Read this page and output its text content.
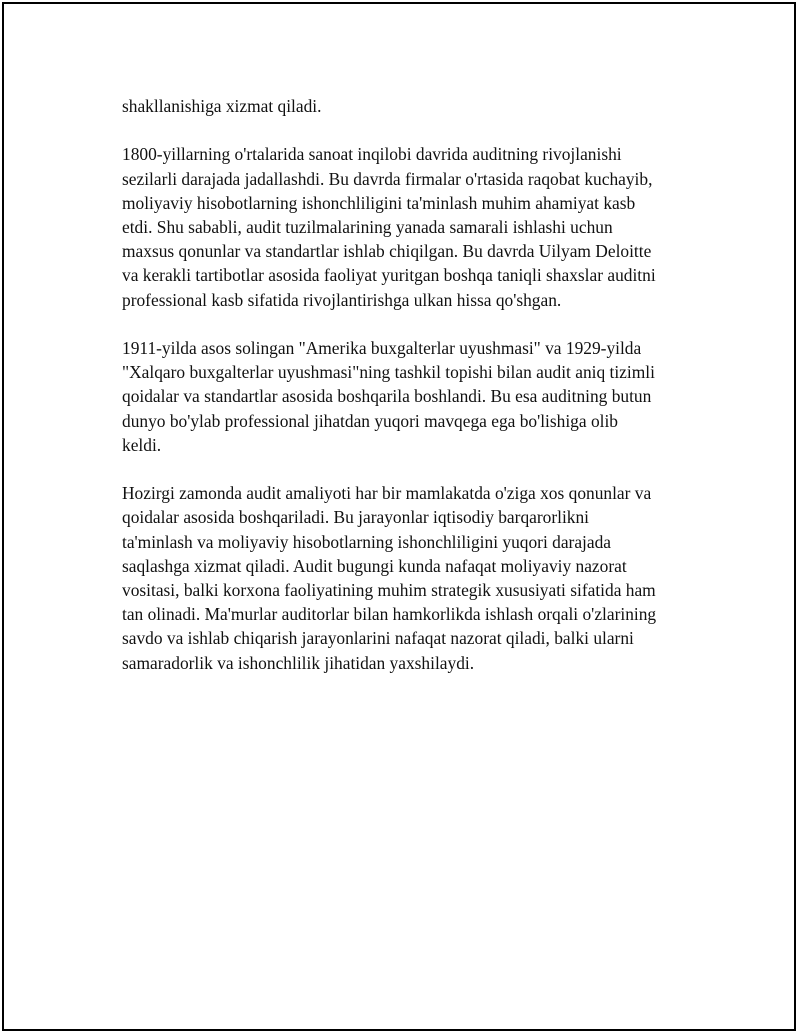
shakllanishiga xizmat qiladi.

1800-yillarning o'rtalarida sanoat inqilobi davrida auditning rivojlanishi
sezilarli darajada jadallashdi. Bu davrda firmalar o'rtasida raqobat kuchayib,
moliyaviy hisobotlarning ishonchliligini ta'minlash muhim ahamiyat kasb
etdi. Shu sababli, audit tuzilmalarining yanada samarali ishlashi uchun
maxsus qonunlar va standartlar ishlab chiqilgan. Bu davrda Uilyam Deloitte
va kerakli tartibotlar asosida faoliyat yuritgan boshqa taniqli shaxslar auditni
professional kasb sifatida rivojlantirishga ulkan hissa qo'shgan.

1911-yilda asos solingan "Amerika buxgalterlar uyushmasi" va 1929-yilda
"Xalqaro buxgalterlar uyushmasi"ning tashkil topishi bilan audit aniq tizimli
qoidalar va standartlar asosida boshqarila boshlandi. Bu esa auditning butun
dunyo bo'ylab professional jihatdan yuqori mavqega ega bo'lishiga olib
keldi.

Hozirgi zamonda audit amaliyoti har bir mamlakatda o'ziga xos qonunlar va
qoidalar asosida boshqariladi. Bu jarayonlar iqtisodiy barqarorlikni
ta'minlash va moliyaviy hisobotlarning ishonchliligini yuqori darajada
saqlashga xizmat qiladi. Audit bugungi kunda nafaqat moliyaviy nazorat
vositasi, balki korxona faoliyatining muhim strategik xususiyati sifatida ham
tan olinadi. Ma'murlar auditorlar bilan hamkorlikda ishlash orqali o'zlarining
savdo va ishlab chiqarish jarayonlarini nafaqat nazorat qiladi, balki ularni
samaradorlik va ishonchlilik jihatidan yaxshilaydi.
